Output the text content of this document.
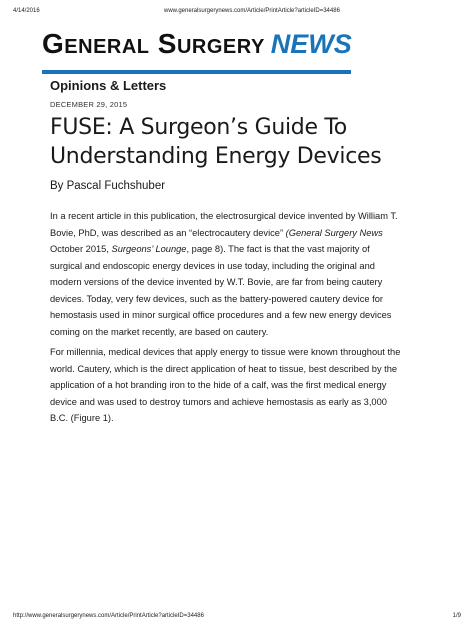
4/14/2016	www.generalsurgerynews.com/Article/PrintArticle?articleID=34486
General Surgery NEWS
Opinions & Letters
DECEMBER 29, 2015
FUSE: A Surgeon’s Guide To
Understanding Energy Devices
By Pascal Fuchshuber

In a recent article in this publication, the electrosurgical device invented by William T.
Bovie, PhD, was described as an “electrocautery device” (General Surgery News
October 2015, Surgeons’ Lounge, page 8). The fact is that the vast majority of
surgical and endoscopic energy devices in use today, including the original and
modern versions of the device invented by W.T. Bovie, are far from being cautery
devices. Today, very few devices, such as the battery-powered cautery device for
hemostasis used in minor surgical office procedures and a few new energy devices
coming on the market recently, are based on cautery.

For millennia, medical devices that apply energy to tissue were known throughout the
world. Cautery, which is the direct application of heat to tissue, best described by the
application of a hot branding iron to the hide of a calf, was the first medical energy
device and was used to destroy tumors and achieve hemostasis as early as 3,000
B.C. (Figure 1).

http://www.generalsurgerynews.com/Article/PrintArticle?articleID=34486	1/9
